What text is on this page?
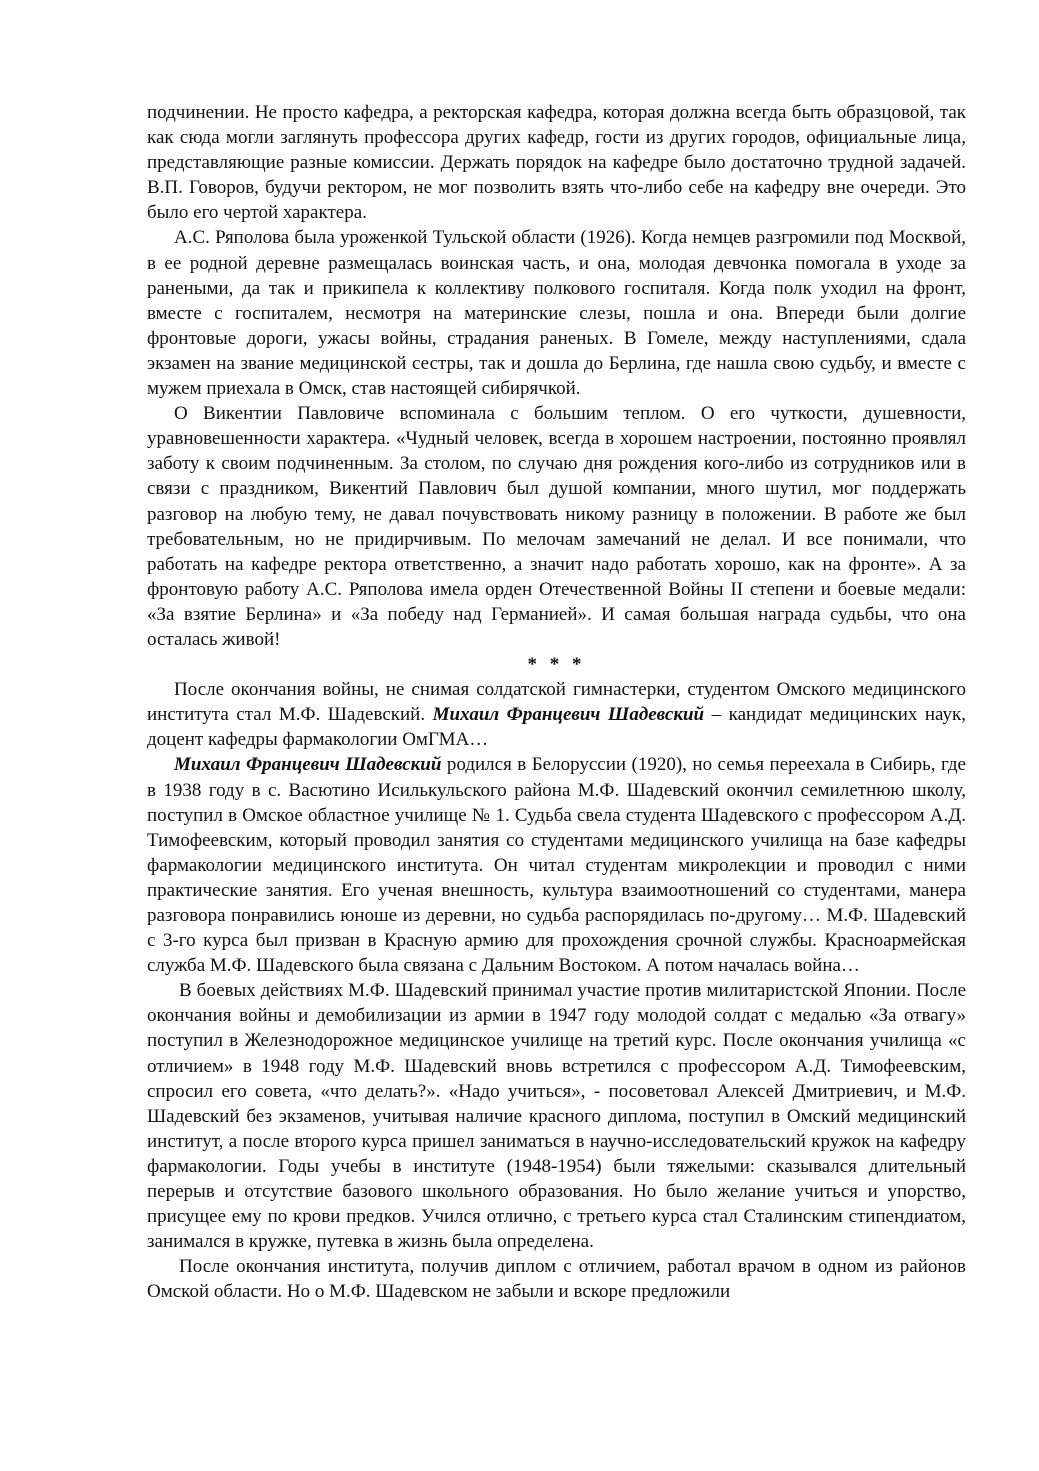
подчинении. Не просто кафедра, а ректорская кафедра, которая должна всегда быть образцовой, так как сюда могли заглянуть профессора других кафедр, гости из других городов, официальные лица, представляющие разные комиссии. Держать порядок на кафедре было достаточно трудной задачей. В.П. Говоров, будучи ректором, не мог позволить взять что-либо себе на кафедру вне очереди. Это было его чертой характера.

А.С. Ряполова была уроженкой Тульской области (1926). Когда немцев разгромили под Москвой, в ее родной деревне размещалась воинская часть, и она, молодая девчонка помогала в уходе за ранеными, да так и прикипела к коллективу полкового госпиталя. Когда полк уходил на фронт, вместе с госпиталем, несмотря на материнские слезы, пошла и она. Впереди были долгие фронтовые дороги, ужасы войны, страдания раненых. В Гомеле, между наступлениями, сдала экзамен на звание медицинской сестры, так и дошла до Берлина, где нашла свою судьбу, и вместе с мужем приехала в Омск, став настоящей сибирячкой.

О Викентии Павловиче вспоминала с большим теплом. О его чуткости, душевности, уравновешенности характера. «Чудный человек, всегда в хорошем настроении, постоянно проявлял заботу к своим подчиненным. За столом, по случаю дня рождения кого-либо из сотрудников или в связи с праздником, Викентий Павлович был душой компании, много шутил, мог поддержать разговор на любую тему, не давал почувствовать никому разницу в положении. В работе же был требовательным, но не придирчивым. По мелочам замечаний не делал. И все понимали, что работать на кафедре ректора ответственно, а значит надо работать хорошо, как на фронте». А за фронтовую работу А.С. Ряполова имела орден Отечественной Войны II степени и боевые медали: «За взятие Берлина» и «За победу над Германией». И самая большая награда судьбы, что она осталась живой!

* * *

После окончания войны, не снимая солдатской гимнастерки, студентом Омского медицинского института стал М.Ф. Шадевский. Михаил Францевич Шадевский – кандидат медицинских наук, доцент кафедры фармакологии ОмГМА…

Михаил Францевич Шадевский родился в Белоруссии (1920), но семья переехала в Сибирь, где в 1938 году в с. Васютино Исилькульского района М.Ф. Шадевский окончил семилетнюю школу, поступил в Омское областное училище № 1. Судьба свела студента Шадевского с профессором А.Д. Тимофеевским, который проводил занятия со студентами медицинского училища на базе кафедры фармакологии медицинского института. Он читал студентам микролекции и проводил с ними практические занятия. Его ученая внешность, культура взаимоотношений со студентами, манера разговора понравились юноше из деревни, но судьба распорядилась по-другому… М.Ф. Шадевский с 3-го курса был призван в Красную армию для прохождения срочной службы. Красноармейская служба М.Ф. Шадевского была связана с Дальним Востоком. А потом началась война…

В боевых действиях М.Ф. Шадевский принимал участие против милитаристской Японии. После окончания войны и демобилизации из армии в 1947 году молодой солдат с медалью «За отвагу» поступил в Железнодорожное медицинское училище на третий курс. После окончания училища «с отличием» в 1948 году М.Ф. Шадевский вновь встретился с профессором А.Д. Тимофеевским, спросил его совета, «что делать?». «Надо учиться», - посоветовал Алексей Дмитриевич, и М.Ф. Шадевский без экзаменов, учитывая наличие красного диплома, поступил в Омский медицинский институт, а после второго курса пришел заниматься в научно-исследовательский кружок на кафедру фармакологии. Годы учебы в институте (1948-1954) были тяжелыми: сказывался длительный перерыв и отсутствие базового школьного образования. Но было желание учиться и упорство, присущее ему по крови предков. Учился отлично, с третьего курса стал Сталинским стипендиатом, занимался в кружке, путевка в жизнь была определена.

После окончания института, получив диплом с отличием, работал врачом в одном из районов Омской области. Но о М.Ф. Шадевском не забыли и вскоре предложили
